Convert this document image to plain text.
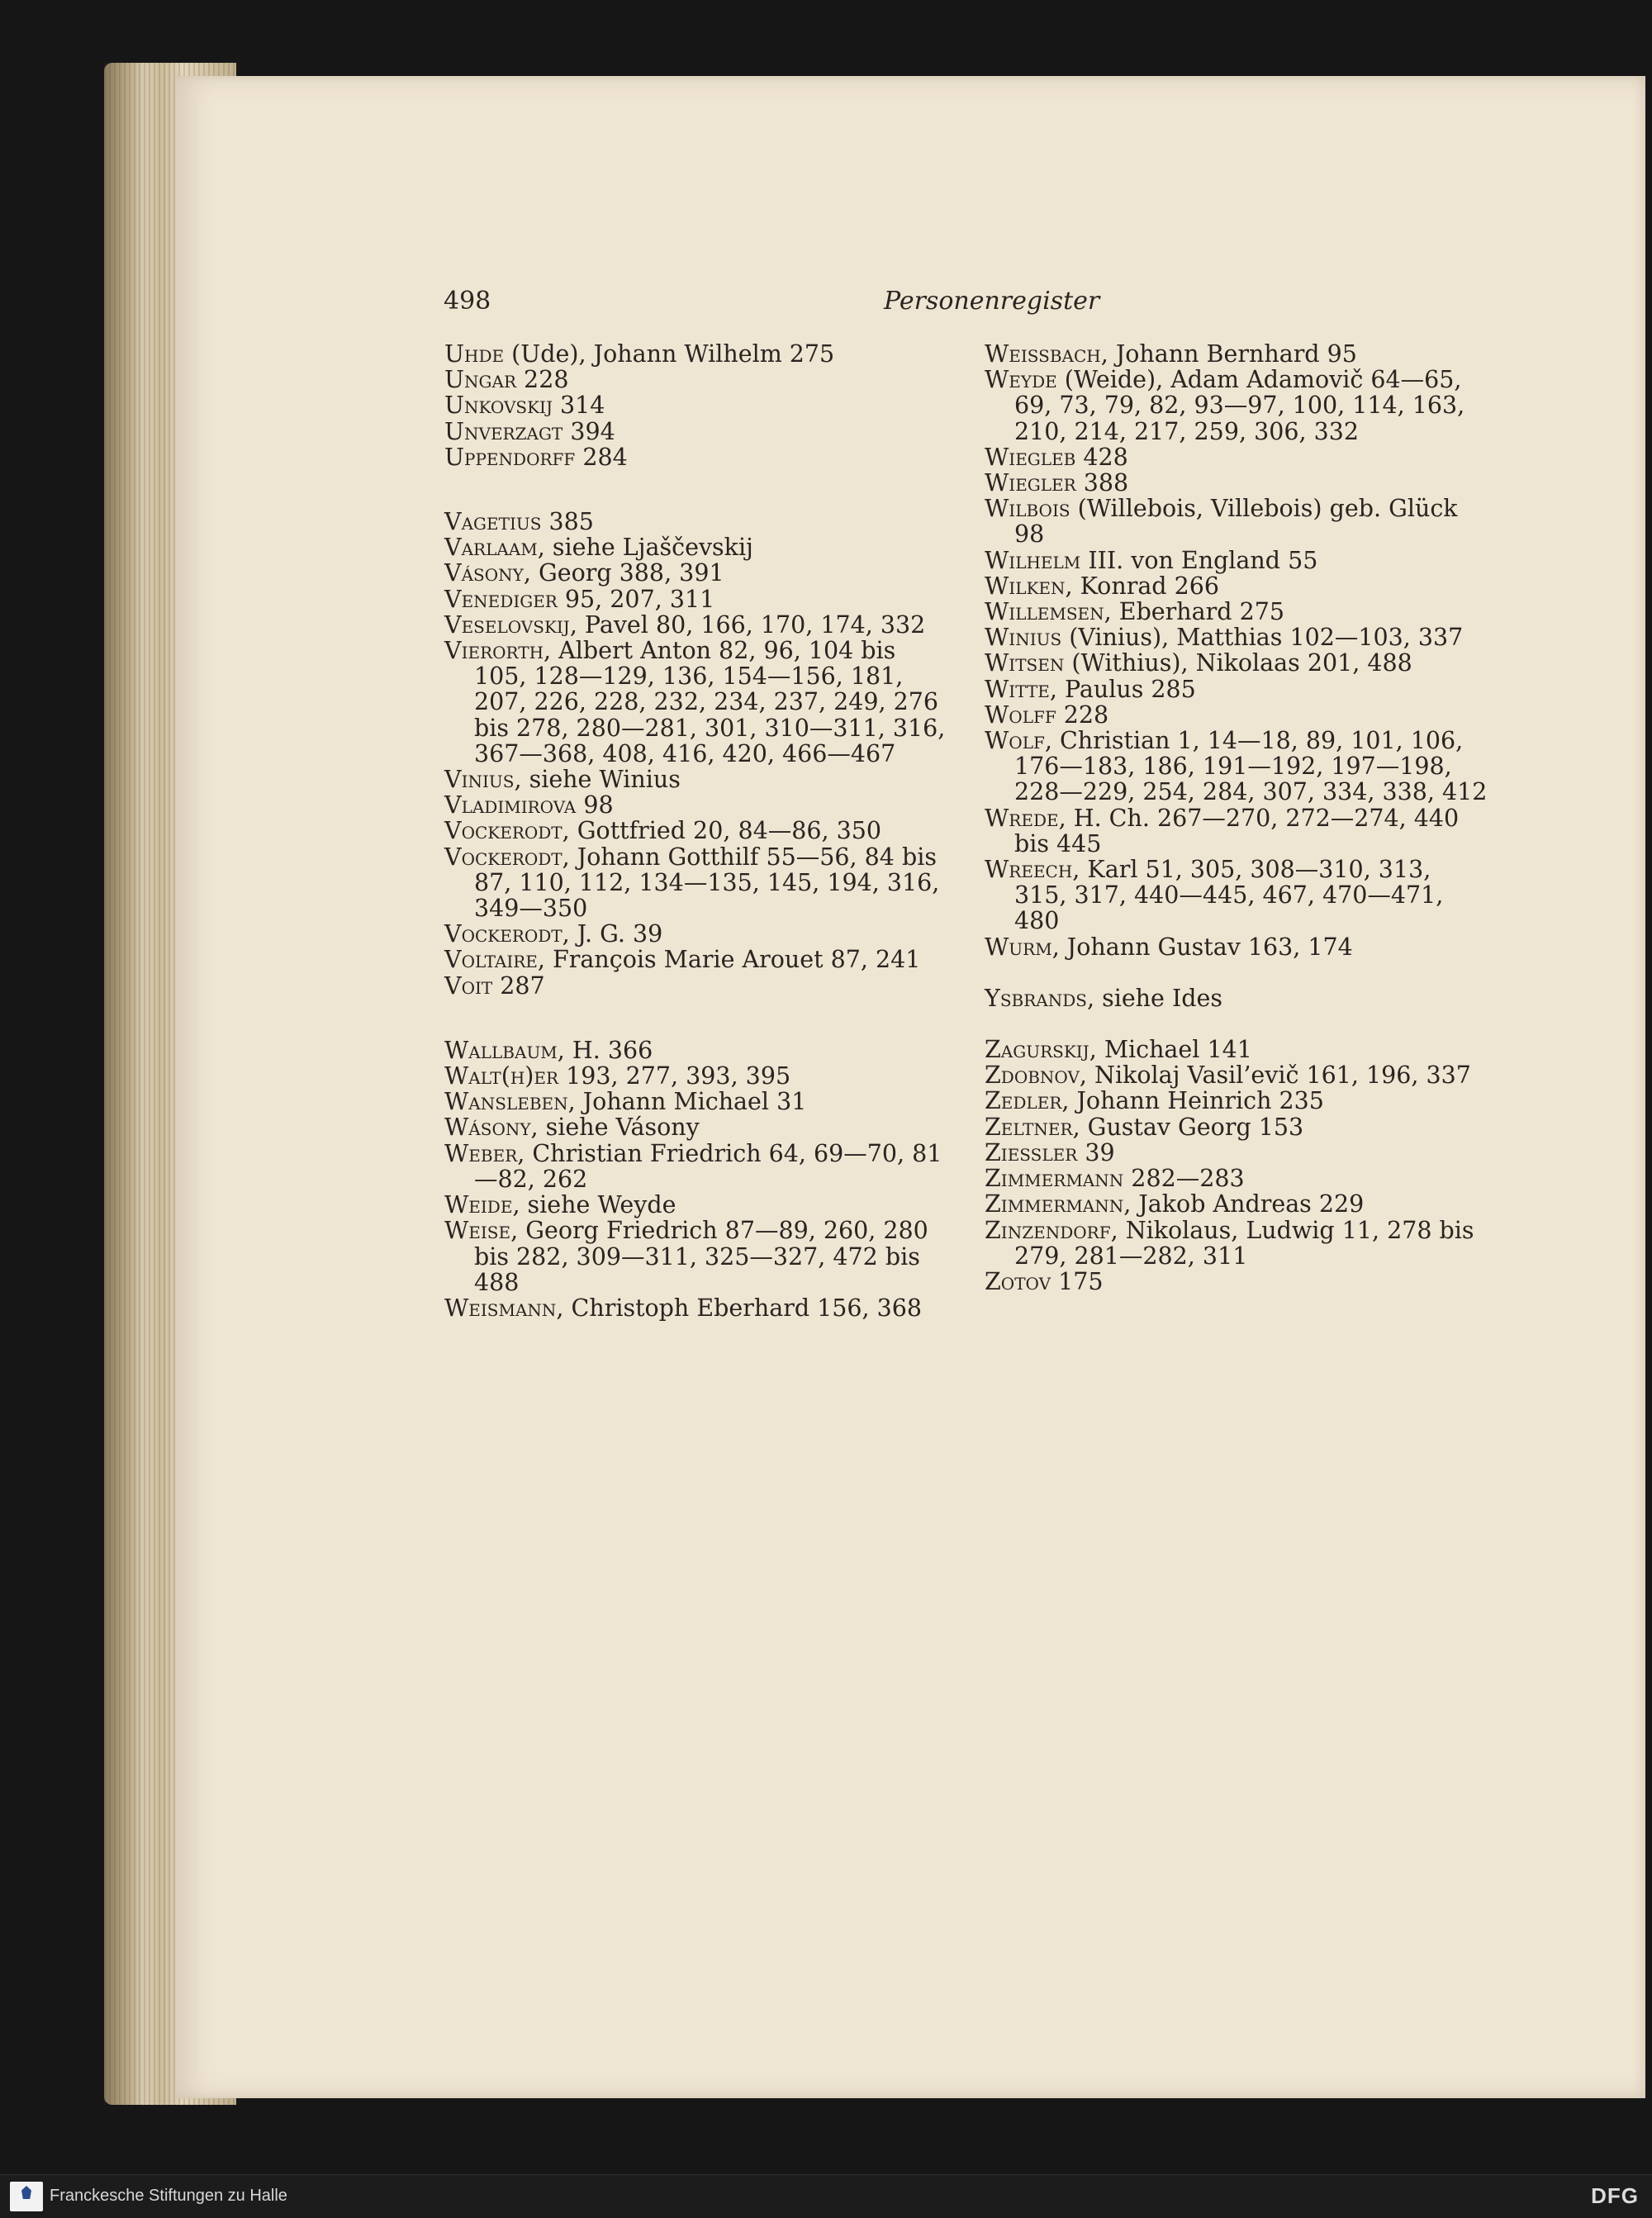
498	Personenregister

Uhde (Ude), Johann Wilhelm 275

Ungar 228

Unkovskij 314

Unverzagt 394

Uppendorff 284

Vagetius 385

Varlaam, siehe Ljaščevskij

Vásony, Georg 388, 391

Venediger 95, 207, 311

Veselovskij, Pavel 80, 166, 170, 174, 332

Vierorth, Albert Anton 82, 96, 104 bis 105, 128—129, 136, 154—156, 181, 207, 226, 228, 232, 234, 237, 249, 276 bis 278, 280—281, 301, 310—311, 316, 367—368, 408, 416, 420, 466—467

Vinius, siehe Winius

Vladimirova 98

Vockerodt, Gottfried 20, 84—86, 350

Vockerodt, Johann Gotthilf 55—56, 84 bis 87, 110, 112, 134—135, 145, 194, 316, 349—350

Vockerodt, J. G. 39

Voltaire, François Marie Arouet 87, 241

Voit 287

Wallbaum, H. 366

Walt(h)er 193, 277, 393, 395

Wansleben, Johann Michael 31

Wásony, siehe Vásony

Weber, Christian Friedrich 64, 69—70, 81—82, 262

Weide, siehe Weyde

Weise, Georg Friedrich 87—89, 260, 280 bis 282, 309—311, 325—327, 472 bis 488

Weismann, Christoph Eberhard 156, 368

Weissbach, Johann Bernhard 95

Weyde (Weide), Adam Adamovič 64—65, 69, 73, 79, 82, 93—97, 100, 114, 163, 210, 214, 217, 259, 306, 332

Wiegleb 428

Wiegler 388

Wilbois (Willebois, Villebois) geb. Glück 98

Wilhelm III. von England 55

Wilken, Konrad 266

Willemsen, Eberhard 275

Winius (Vinius), Matthias 102—103, 337

Witsen (Withius), Nikolaas 201, 488

Witte, Paulus 285

Wolff 228

Wolf, Christian 1, 14—18, 89, 101, 106, 176—183, 186, 191—192, 197—198, 228—229, 254, 284, 307, 334, 338, 412

Wrede, H. Ch. 267—270, 272—274, 440 bis 445

Wreech, Karl 51, 305, 308—310, 313, 315, 317, 440—445, 467, 470—471, 480

Wurm, Johann Gustav 163, 174

Ysbrands, siehe Ides

Zagurskij, Michael 141

Zdobnov, Nikolaj Vasil’evič 161, 196, 337

Zedler, Johann Heinrich 235

Zeltner, Gustav Georg 153

Ziessler 39

Zimmermann 282—283

Zimmermann, Jakob Andreas 229

Zinzendorf, Nikolaus, Ludwig 11, 278 bis 279, 281—282, 311

Zotov 175

Franckesche Stiftungen zu Halle	DFG
